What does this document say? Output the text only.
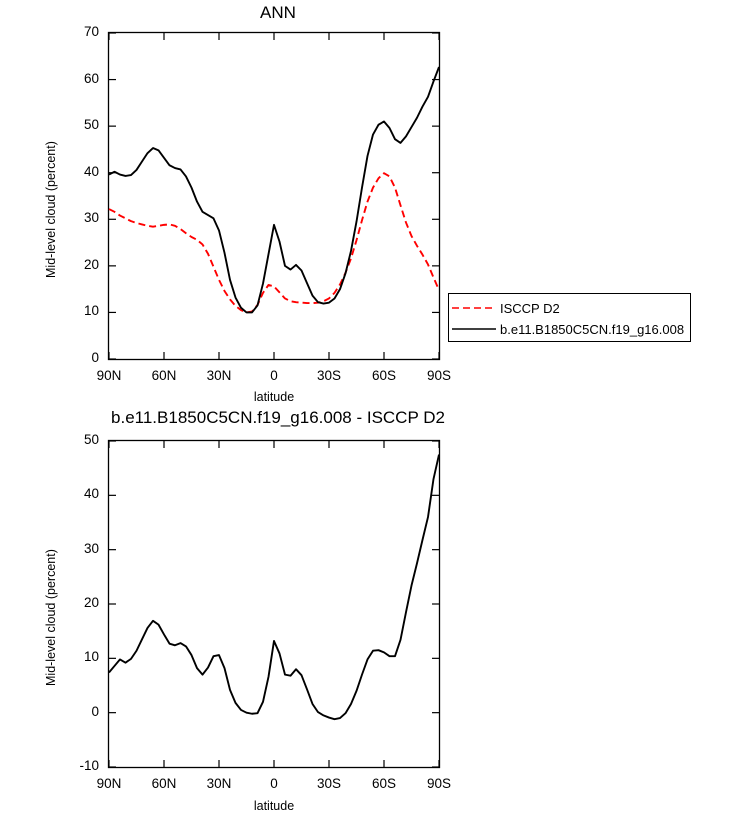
ANN
latitude
Mid-level cloud (percent)
90N	60N	30N	0	30S	60S	90S
0
10
20
30
40
50
60
70
ISCCP D2
b.e11.B1850C5CN.f19_g16.008
b.e11.B1850C5CN.f19_g16.008 - ISCCP D2
latitude
Mid-level cloud (percent)
90N	60N	30N	0	30S	60S	90S
-10
0
10
20
30
40
50
